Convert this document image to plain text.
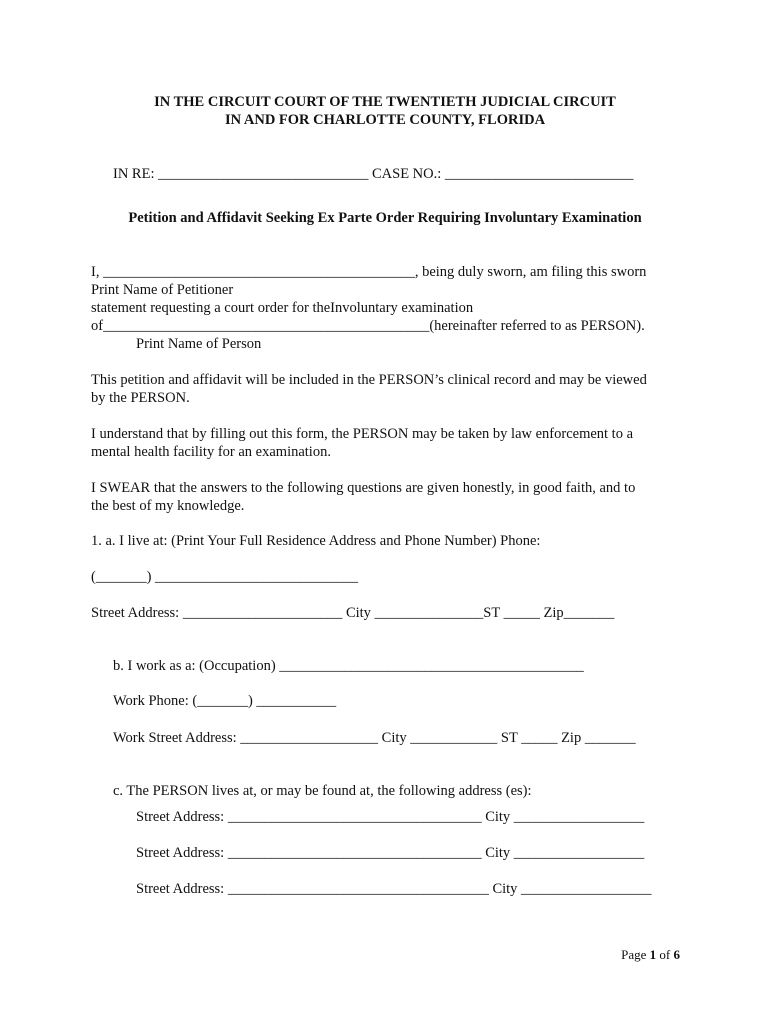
IN THE CIRCUIT COURT OF THE TWENTIETH JUDICIAL CIRCUIT
IN AND FOR CHARLOTTE COUNTY, FLORIDA
IN RE: _____________________________ CASE NO.: __________________________
Petition and Affidavit Seeking Ex Parte Order Requiring Involuntary Examination
I, ___________________________________________, being duly sworn, am filing this sworn
Print Name of Petitioner
statement requesting a court order for theInvoluntary examination
of_____________________________________________(hereinafter referred to as PERSON).
Print Name of Person
This petition and affidavit will be included in the PERSON’s clinical record and may be viewed
by the PERSON.
I understand that by filling out this form, the PERSON may be taken by law enforcement to a
mental health facility for an examination.
I SWEAR that the answers to the following questions are given honestly, in good faith, and to
the best of my knowledge.
1. a. I live at: (Print Your Full Residence Address and Phone Number) Phone:
(_______) ____________________________
Street Address: ______________________ City _______________ST _____ Zip_______
b. I work as a: (Occupation) __________________________________________
Work Phone: (_______) ___________
Work Street Address: ___________________ City ____________ ST _____ Zip _______
c. The PERSON lives at, or may be found at, the following address (es):
Street Address: ___________________________________ City __________________
Street Address: ___________________________________ City __________________
Street Address: ____________________________________ City __________________
Page 1 of 6
